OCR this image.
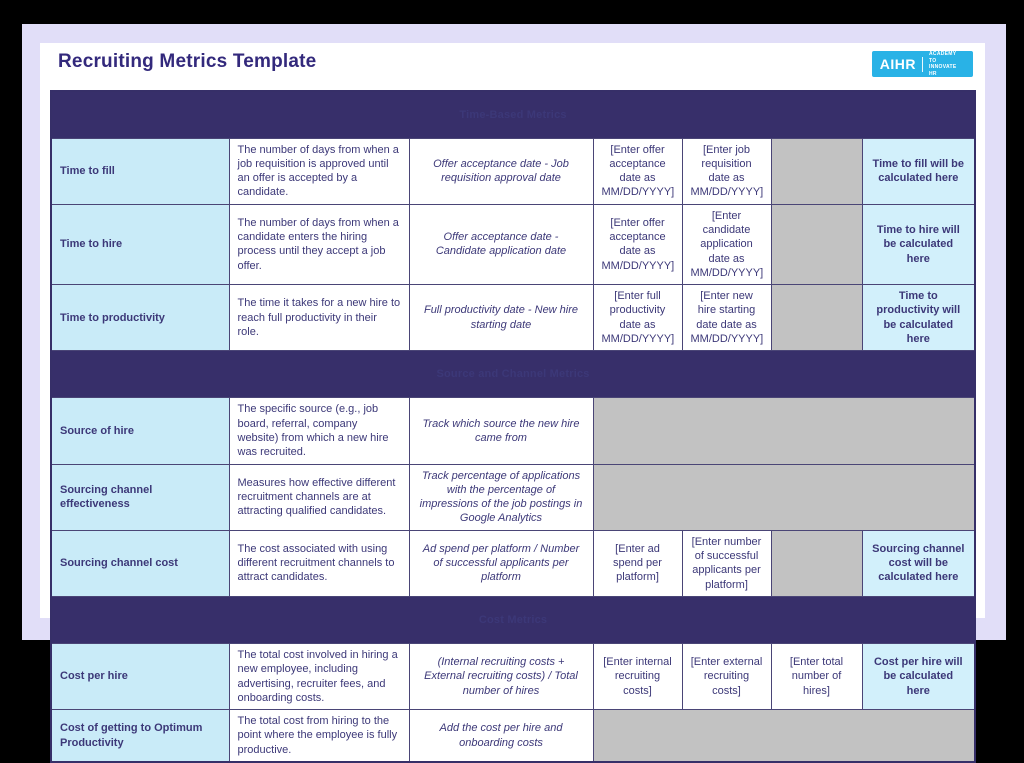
Recruiting Metrics Template	AIHR
ACADEMY TO INNOVATE HR
Time-Based Metrics						
Time to fill	The number of days from when a job requisition is approved until an offer is accepted by a candidate.	Offer acceptance date - Job requisition approval date	[Enter offer acceptance date as MM/DD/YYYY]	[Enter job requisition date as MM/DD/YYYY]		Time to fill will be calculated here
Time to hire	The number of days from when a candidate enters the hiring process until they accept a job offer.	Offer acceptance date - Candidate application date	[Enter offer acceptance date as MM/DD/YYYY]	[Enter candidate application date as MM/DD/YYYY]		Time to hire will be calculated here
Time to productivity	The time it takes for a new hire to reach full productivity in their role.	Full productivity date - New hire starting date	[Enter full productivity date as MM/DD/YYYY]	[Enter new hire starting date date as MM/DD/YYYY]		Time to productivity will be calculated here
Source and Channel Metrics						
Source of hire	The specific source (e.g., job board, referral, company website) from which a new hire was recruited.	Track which source the new hire came from				
Sourcing channel effectiveness	Measures how effective different recruitment channels are at attracting qualified candidates.	Track percentage of applications with the percentage of impressions of the job postings in Google Analytics				
Sourcing channel cost	The cost associated with using different recruitment channels to attract candidates.	Ad spend per platform / Number of successful applicants per platform	[Enter ad spend per platform]	[Enter number of successful applicants per platform]		Sourcing channel cost will be calculated here
Cost Metrics						
Cost per hire	The total cost involved in hiring a new employee, including advertising, recruiter fees, and onboarding costs.	(Internal recruiting costs + External recruiting costs) / Total number of hires	[Enter internal recruiting costs]	[Enter external recruiting costs]	[Enter total number of hires]	Cost per hire will be calculated here
Cost of getting to Optimum Productivity	The total cost from hiring to the point where the employee is fully productive.	Add the cost per hire and onboarding costs				
